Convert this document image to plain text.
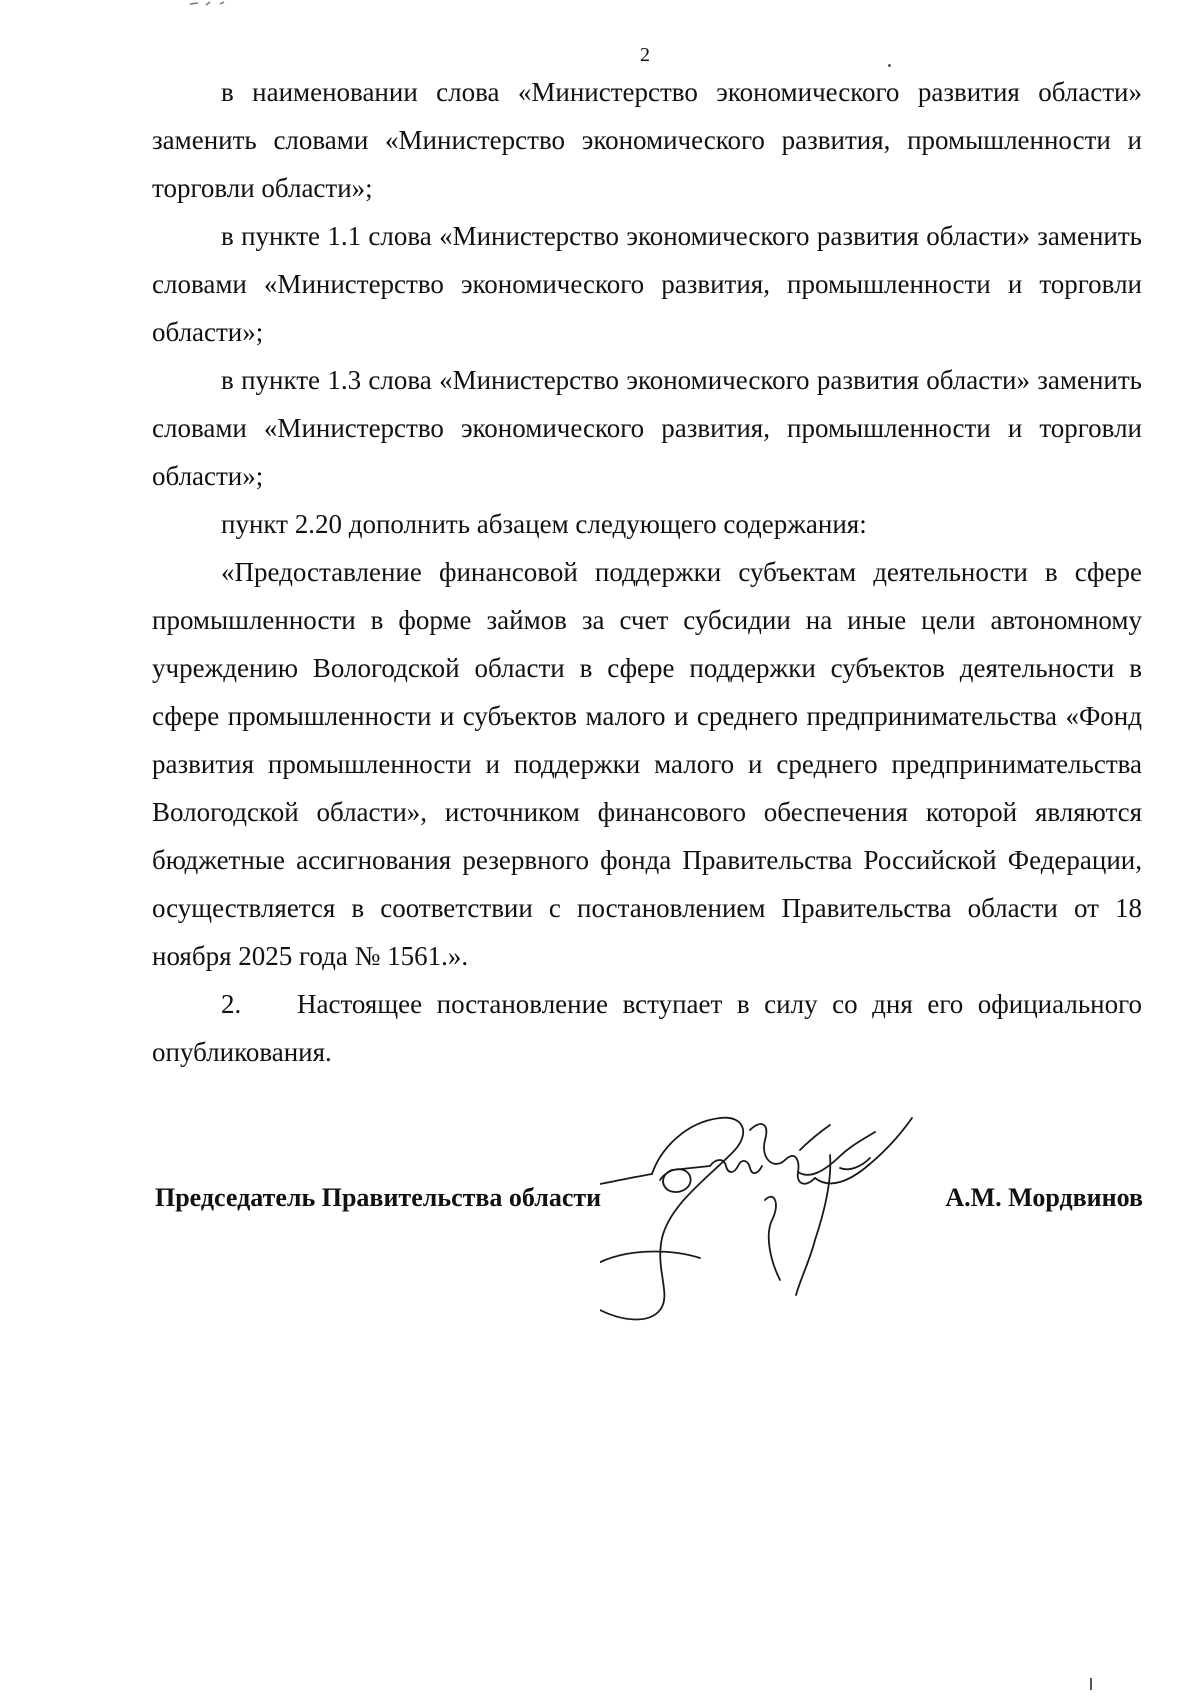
2

в наименовании слова «Министерство экономического развития области» заменить словами «Министерство экономического развития, промышленности и торговли области»;

в пункте 1.1 слова «Министерство экономического развития области» заменить словами «Министерство экономического развития, промышленности и торговли области»;

в пункте 1.3 слова «Министерство экономического развития области» заменить словами «Министерство экономического развития, промышленности и торговли области»;

пункт 2.20 дополнить абзацем следующего содержания:

«Предоставление финансовой поддержки субъектам деятельности в сфере промышленности в форме займов за счет субсидии на иные цели автономному учреждению Вологодской области в сфере поддержки субъектов деятельности в сфере промышленности и субъектов малого и среднего предпринимательства «Фонд развития промышленности и поддержки малого и среднего предпринимательства Вологодской области», источником финансового обеспечения которой являются бюджетные ассигнования резервного фонда Правительства Российской Федерации, осуществляется в соответствии с постановлением Правительства области от 18 ноября 2025 года № 1561.».

2. Настоящее постановление вступает в силу со дня его официального опубликования.
Председатель Правительства области	А.М. Мордвинов
